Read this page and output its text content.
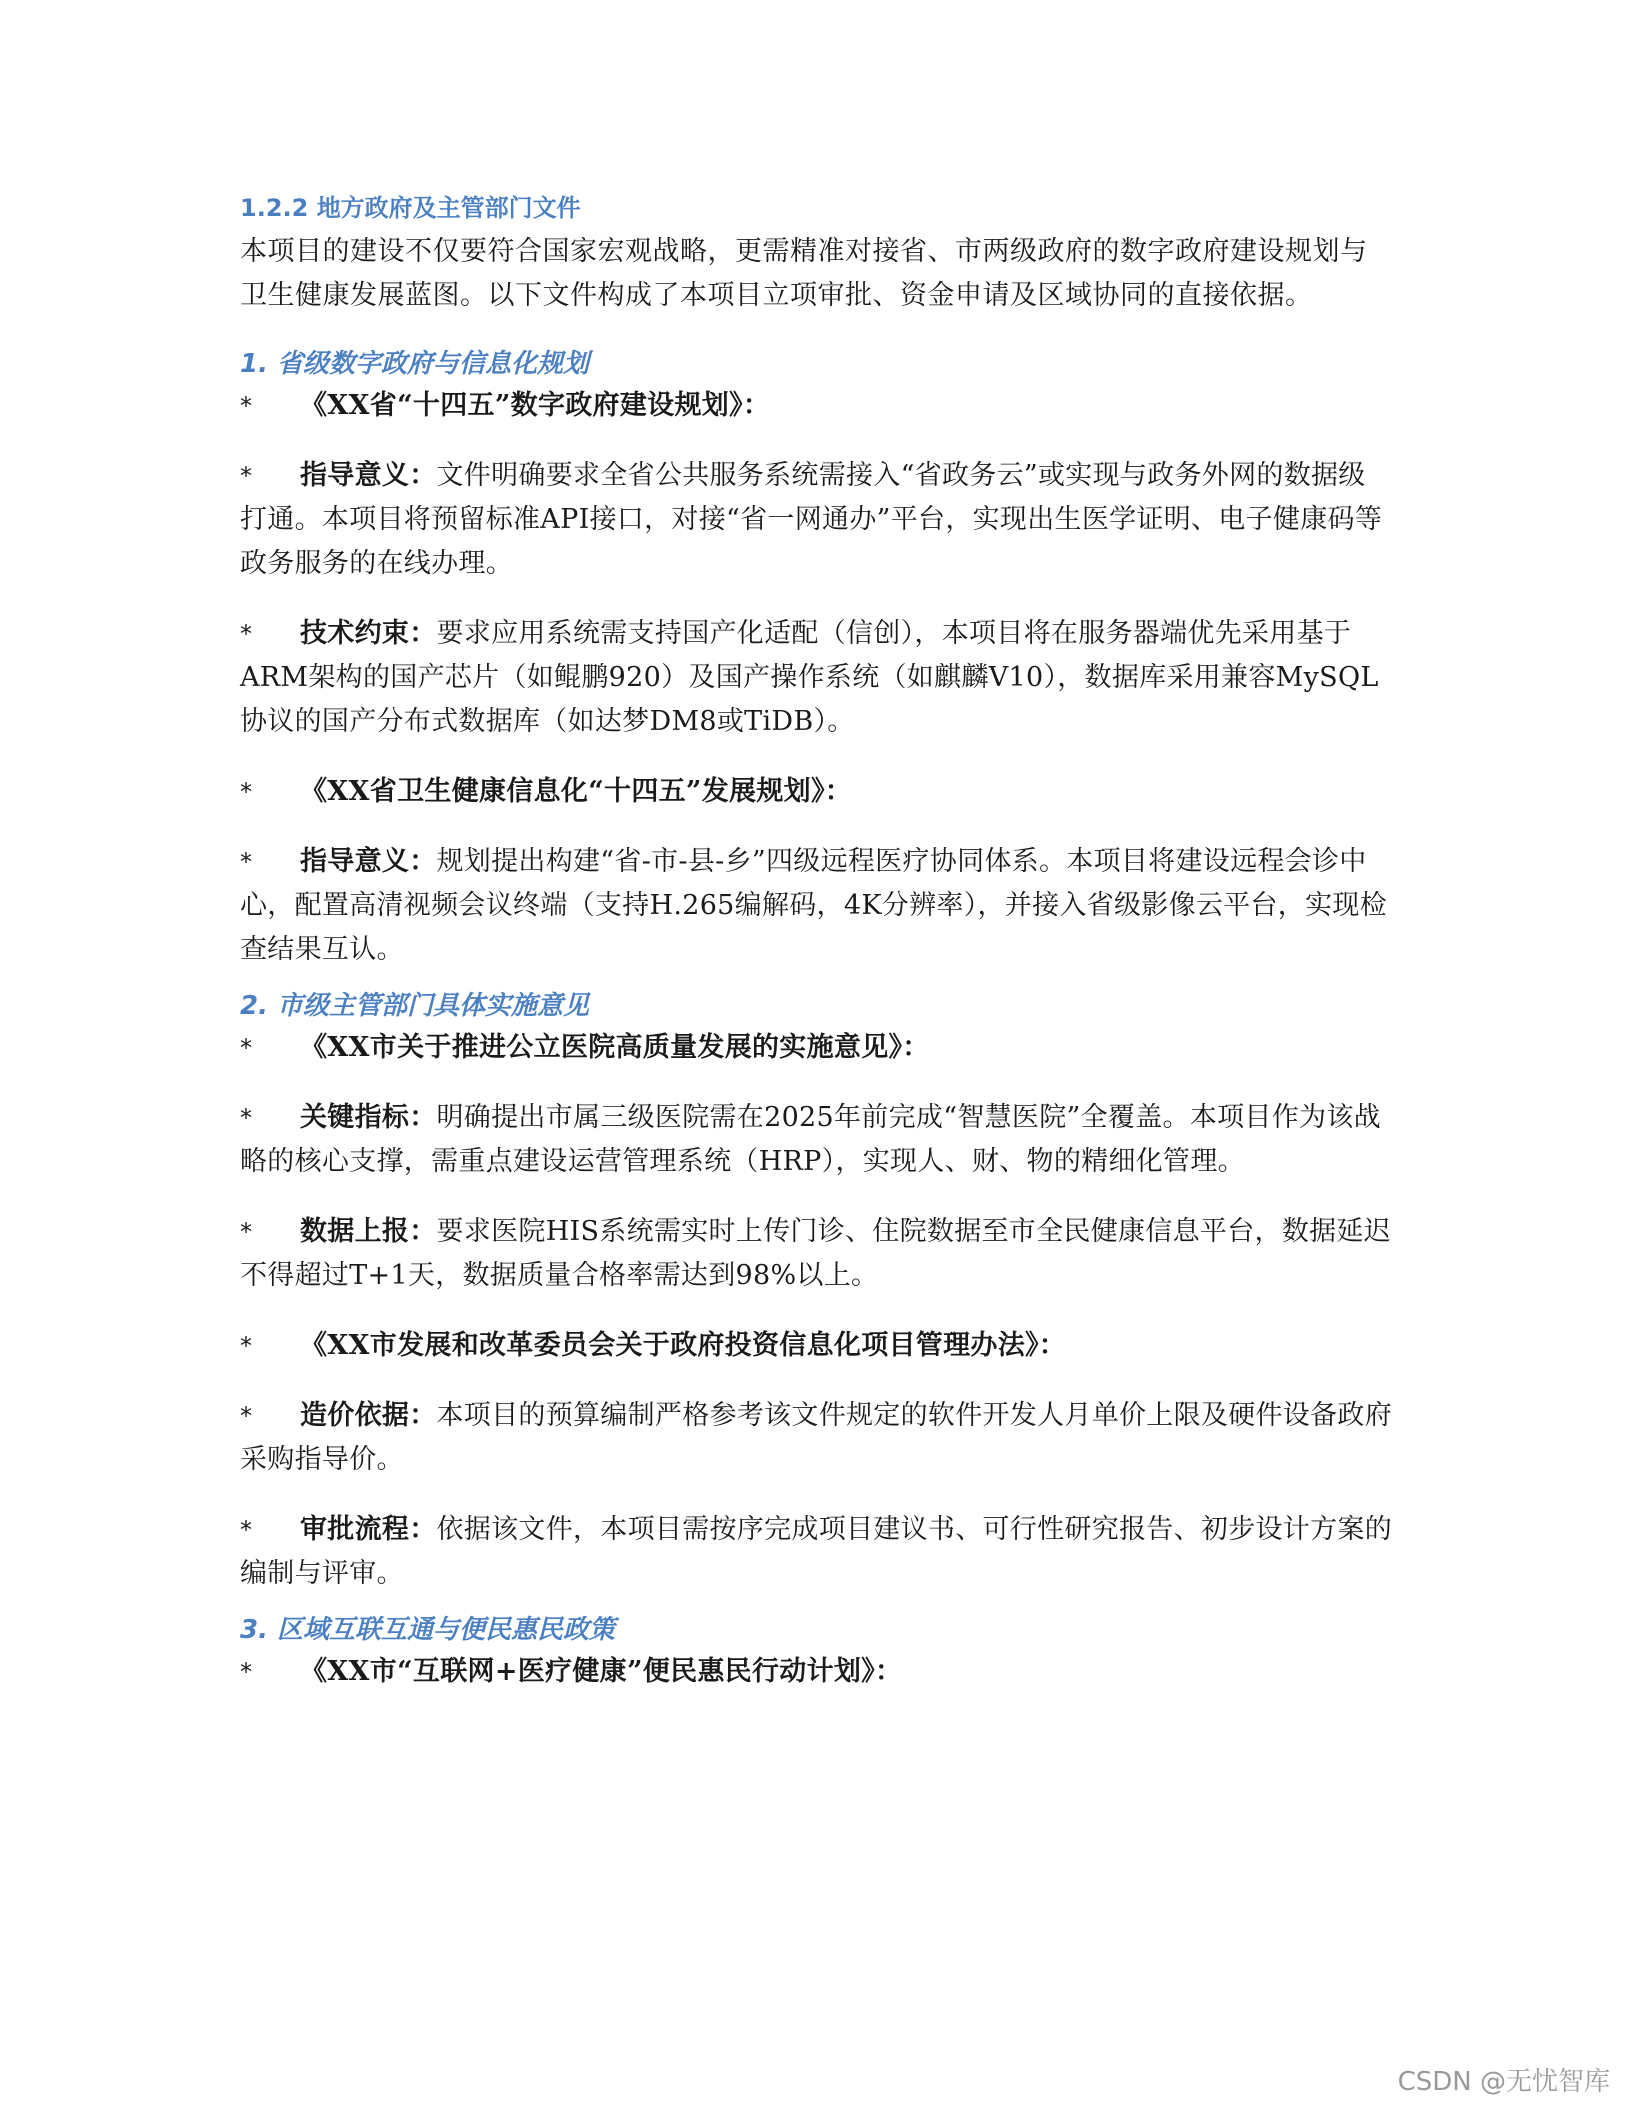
1.2.2 地方政府及主管部门文件

本项目的建设不仅要符合国家宏观战略，更需精准对接省、市两级政府的数字政府建设规划与卫生健康发展蓝图。以下文件构成了本项目立项审批、资金申请及区域协同的直接依据。

1. 省级数字政府与信息化规划

* 《XX省“十四五”数字政府建设规划》：

* 指导意义：文件明确要求全省公共服务系统需接入“省政务云”或实现与政务外网的数据级打通。本项目将预留标准API接口，对接“省一网通办”平台，实现出生医学证明、电子健康码等政务服务的在线办理。

* 技术约束：要求应用系统需支持国产化适配（信创），本项目将在服务器端优先采用基于ARM架构的国产芯片（如鲲鹏920）及国产操作系统（如麒麟V10），数据库采用兼容MySQL协议的国产分布式数据库（如达梦DM8或TiDB）。

* 《XX省卫生健康信息化“十四五”发展规划》：

* 指导意义：规划提出构建“省-市-县-乡”四级远程医疗协同体系。本项目将建设远程会诊中心，配置高清视频会议终端（支持H.265编解码，4K分辨率），并接入省级影像云平台，实现检查结果互认。

2. 市级主管部门具体实施意见

* 《XX市关于推进公立医院高质量发展的实施意见》：

* 关键指标：明确提出市属三级医院需在2025年前完成“智慧医院”全覆盖。本项目作为该战略的核心支撑，需重点建设运营管理系统（HRP），实现人、财、物的精细化管理。

* 数据上报：要求医院HIS系统需实时上传门诊、住院数据至市全民健康信息平台，数据延迟不得超过T+1天，数据质量合格率需达到98%以上。

* 《XX市发展和改革委员会关于政府投资信息化项目管理办法》：

* 造价依据：本项目的预算编制严格参考该文件规定的软件开发人月单价上限及硬件设备政府采购指导价。

* 审批流程：依据该文件，本项目需按序完成项目建议书、可行性研究报告、初步设计方案的编制与评审。

3. 区域互联互通与便民惠民政策

* 《XX市“互联网+医疗健康”便民惠民行动计划》：

CSDN @无忧智库
